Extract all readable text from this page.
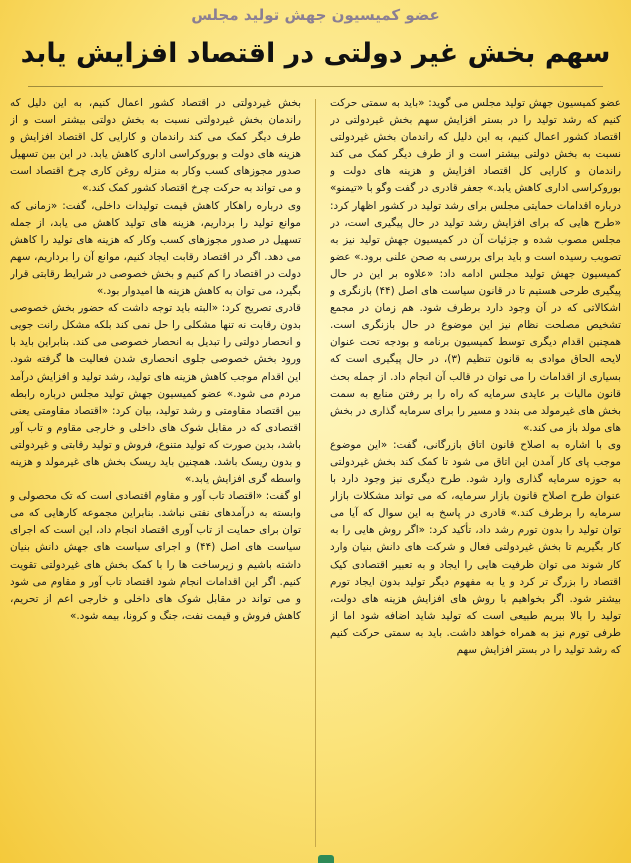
عضو کمیسیون جهش تولید مجلس
سهم بخش غیر دولتی در اقتصاد افزایش یابد

عضو کمیسیون جهش تولید مجلس می گوید: «باید به سمتی حرکت کنیم که رشد تولید را در بستر افزایش سهم بخش غیردولتی در اقتصاد کشور اعمال کنیم، به این دلیل که راندمان بخش غیردولتی نسبت به بخش دولتی بیشتر است و از طرف دیگر کمک می کند راندمان و کارایی کل اقتصاد افزایش و هزینه های دولت و بوروکراسی اداری کاهش یابد.» جعفر قادری در گفت وگو با «تیمنو» درباره اقدامات حمایتی مجلس برای رشد تولید در کشور اظهار کرد: «طرح هایی که برای افزایش رشد تولید در حال پیگیری است، در مجلس مصوب شده و جزئیات آن در کمیسیون جهش تولید نیز به تصویب رسیده است و باید برای بررسی به صحن علنی برود.» عضو کمیسیون جهش تولید مجلس ادامه داد: «علاوه بر این در حال پیگیری طرحی هستیم تا در قانون سیاست های اصل (۴۴) بازنگری و اشکالاتی که در آن وجود دارد برطرف شود. هم زمان در مجمع تشخیص مصلحت نظام نیز این موضوع در حال بازنگری است. همچنین اقدام دیگری توسط کمیسیون برنامه و بودجه تحت عنوان لایحه الحاق موادی به قانون تنظیم (۳)، در حال پیگیری است که بسیاری از اقدامات را می توان در قالب آن انجام داد. از جمله بحث قانون مالیات بر عایدی سرمایه که راه را بر رفتن منابع به سمت بخش های غیرمولد می بندد و مسیر را برای سرمایه گذاری در بخش های مولد باز می کند.»

وی با اشاره به اصلاح قانون اتاق بازرگانی، گفت: «این موضوع موجب پای کار آمدن این اتاق می شود تا کمک کند بخش غیردولتی به حوزه سرمایه گذاری وارد شود. طرح دیگری نیز وجود دارد با عنوان طرح اصلاح قانون بازار سرمایه، که می تواند مشکلات بازار سرمایه را برطرف کند.» قادری در پاسخ به این سوال که آیا می توان تولید را بدون تورم رشد داد، تأکید کرد: «اگر روش هایی را به کار بگیریم تا بخش غیردولتی فعال و شرکت های دانش بنیان وارد کار شوند می توان ظرفیت هایی را ایجاد و به تعبیر اقتصادی کیک اقتصاد را بزرگ تر کرد و یا به مفهوم دیگر تولید بدون ایجاد تورم بیشتر شود. اگر بخواهیم با روش های افزایش هزینه های دولت، تولید را بالا ببریم طبیعی است که تولید شاید اضافه شود اما از طرفی تورم نیز به همراه خواهد داشت. باید به سمتی حرکت کنیم که رشد تولید را در بستر افزایش سهم

بخش غیردولتی در اقتصاد کشور اعمال کنیم، به این دلیل که راندمان بخش غیردولتی نسبت به بخش دولتی بیشتر است و از طرف دیگر کمک می کند راندمان و کارایی کل اقتصاد افزایش و هزینه های دولت و بوروکراسی اداری کاهش یابد. در این بین تسهیل صدور مجوزهای کسب وکار به منزله روغن کاری چرخ اقتصاد است و می تواند به حرکت چرخ اقتصاد کشور کمک کند.»

وی درباره راهکار کاهش قیمت تولیدات داخلی، گفت: «زمانی که موانع تولید را برداریم، هزینه های تولید کاهش می یابد، از جمله تسهیل در صدور مجوزهای کسب وکار که هزینه های تولید را کاهش می دهد. اگر در اقتصاد رقابت ایجاد کنیم، موانع آن را برداریم، سهم دولت در اقتصاد را کم کنیم و بخش خصوصی در شرایط رقابتی قرار بگیرد، می توان به کاهش هزینه ها امیدوار بود.»

قادری تصریح کرد: «البته باید توجه داشت که حضور بخش خصوصی بدون رقابت نه تنها مشکلی را حل نمی کند بلکه مشکل رانت جویی و انحصار دولتی را تبدیل به انحصار خصوصی می کند. بنابراین باید با ورود بخش خصوصی جلوی انحصاری شدن فعالیت ها گرفته شود. این اقدام موجب کاهش هزینه های تولید، رشد تولید و افزایش درآمد مردم می شود.» عضو کمیسیون جهش تولید مجلس درباره رابطه بین اقتصاد مقاومتی و رشد تولید، بیان کرد: «اقتصاد مقاومتی یعنی اقتصادی که در مقابل شوک های داخلی و خارجی مقاوم و تاب آور باشد، بدین صورت که تولید متنوع، فروش و تولید رقابتی و غیردولتی و بدون ریسک باشد. همچنین باید ریسک بخش های غیرمولد و هزینه واسطه گری افزایش یابد.»

او گفت: «اقتصاد تاب آور و مقاوم اقتصادی است که تک محصولی و وابسته به درآمدهای نفتی نباشد. بنابراین مجموعه کارهایی که می توان برای حمایت از تاب آوری اقتصاد انجام داد، این است که اجرای سیاست های اصل (۴۴) و اجرای سیاست های جهش دانش بنیان داشته باشیم و زیرساخت ها را با کمک بخش های غیردولتی تقویت کنیم. اگر این اقدامات انجام شود اقتصاد تاب آور و مقاوم می شود و می تواند در مقابل شوک های داخلی و خارجی اعم از تحریم، کاهش فروش و قیمت نفت، جنگ و کرونا، بیمه شود.»
